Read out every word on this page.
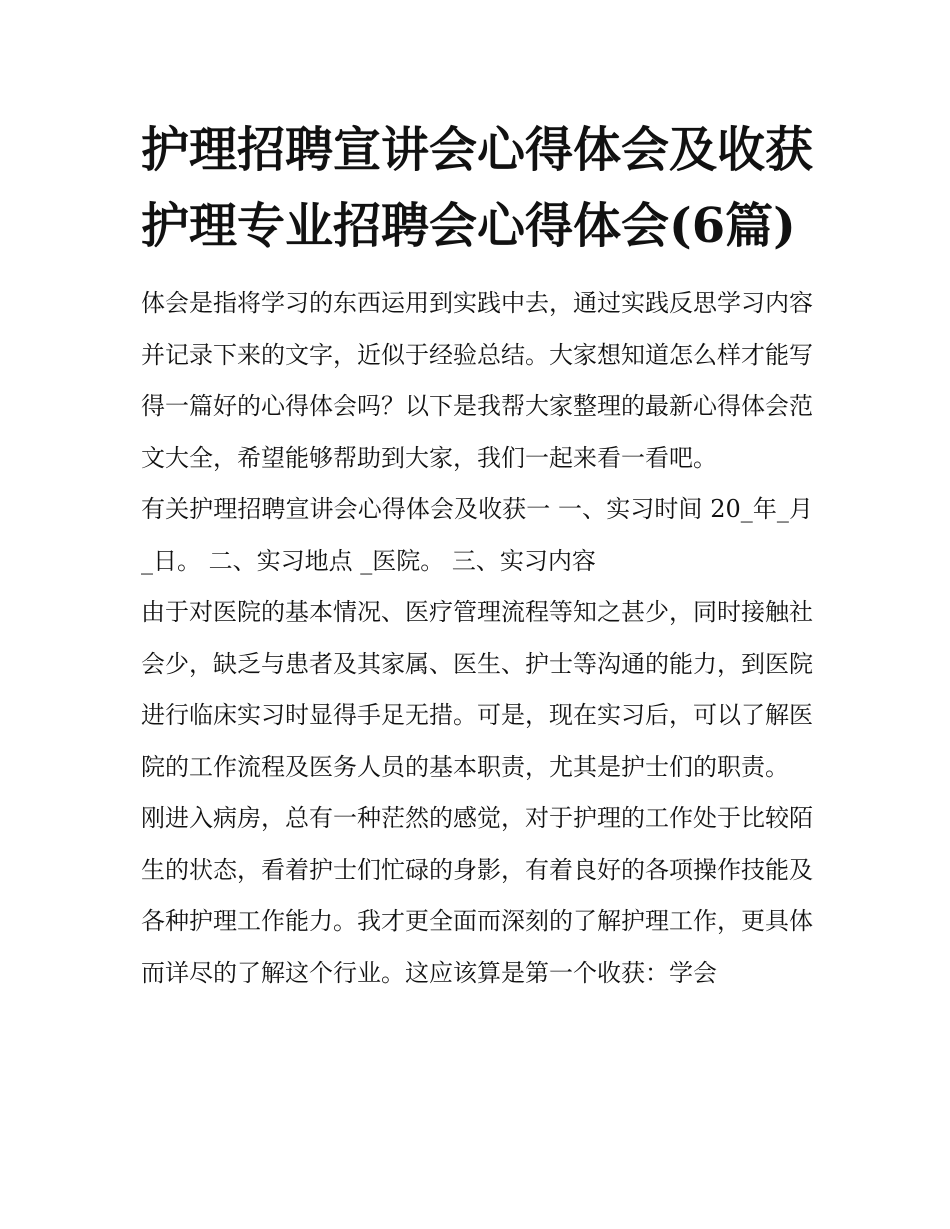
护理招聘宣讲会心得体会及收获 护理专业招聘会心得体会(6篇)

体会是指将学习的东西运用到实践中去，通过实践反思学习内容并记录下来的文字，近似于经验总结。大家想知道怎么样才能写得一篇好的心得体会吗？以下是我帮大家整理的最新心得体会范文大全，希望能够帮助到大家，我们一起来看一看吧。

有关护理招聘宣讲会心得体会及收获一 一、实习时间 20_年_月_日。 二、实习地点 _医院。 三、实习内容

由于对医院的基本情况、医疗管理流程等知之甚少，同时接触社会少，缺乏与患者及其家属、医生、护士等沟通的能力，到医院进行临床实习时显得手足无措。可是，现在实习后，可以了解医院的工作流程及医务人员的基本职责，尤其是护士们的职责。

刚进入病房，总有一种茫然的感觉，对于护理的工作处于比较陌生的状态，看着护士们忙碌的身影，有着良好的各项操作技能及各种护理工作能力。我才更全面而深刻的了解护理工作，更具体而详尽的了解这个行业。这应该算是第一个收获：学会
